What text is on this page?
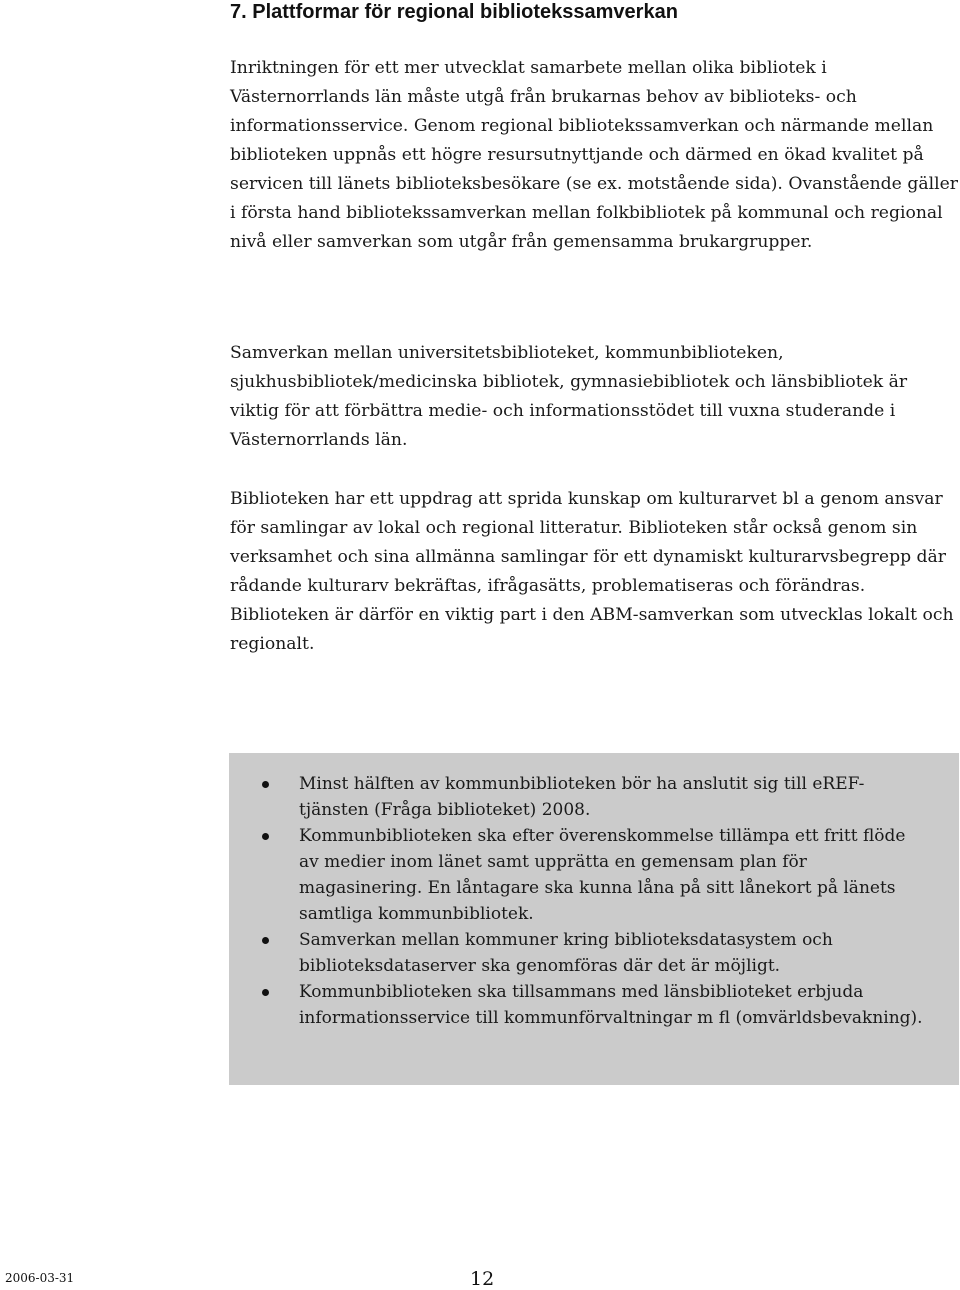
7. Plattformar för regional bibliotekssamverkan

Inriktningen för ett mer utvecklat samarbete mellan olika bibliotek i Västernorrlands län måste utgå från brukarnas behov av biblioteks- och informationsservice. Genom regional bibliotekssamverkan och närmande mellan biblioteken uppnås ett högre resursutnyttjande och därmed en ökad kvalitet på servicen till länets biblioteksbesökare (se ex. motstående sida). Ovanstående gäller i första hand bibliotekssamverkan mellan folkbibliotek på kommunal och regional nivå eller samverkan som utgår från gemensamma brukargrupper.

Samverkan mellan universitetsbiblioteket, kommunbiblioteken, sjukhusbibliotek/medicinska bibliotek, gymnasiebibliotek och länsbibliotek är viktig för att förbättra medie- och informationsstödet till vuxna studerande i Västernorrlands län.

Biblioteken har ett uppdrag att sprida kunskap om kulturarvet bl a genom ansvar för samlingar av lokal och regional litteratur. Biblioteken står också genom sin verksamhet och sina allmänna samlingar för ett dynamiskt kulturarvsbegrepp där rådande kulturarv bekräftas, ifrågasätts, problematiseras och förändras. Biblioteken är därför en viktig part i den ABM-samverkan som utvecklas lokalt och regionalt.

Minst hälften av kommunbiblioteken bör ha anslutit sig till eREF-tjänsten (Fråga biblioteket) 2008.
Kommunbiblioteken ska efter överenskommelse tillämpa ett fritt flöde av medier inom länet samt upprätta en gemensam plan för magasinering. En låntagare ska kunna låna på sitt lånekort på länets samtliga kommunbibliotek.
Samverkan mellan kommuner kring biblioteksdatasystem och biblioteksdataserver ska genomföras där det är möjligt.
Kommunbiblioteken ska tillsammans med länsbiblioteket erbjuda informationsservice till kommunförvaltningar m fl (omvärldsbevakning).
2006-03-31	12
